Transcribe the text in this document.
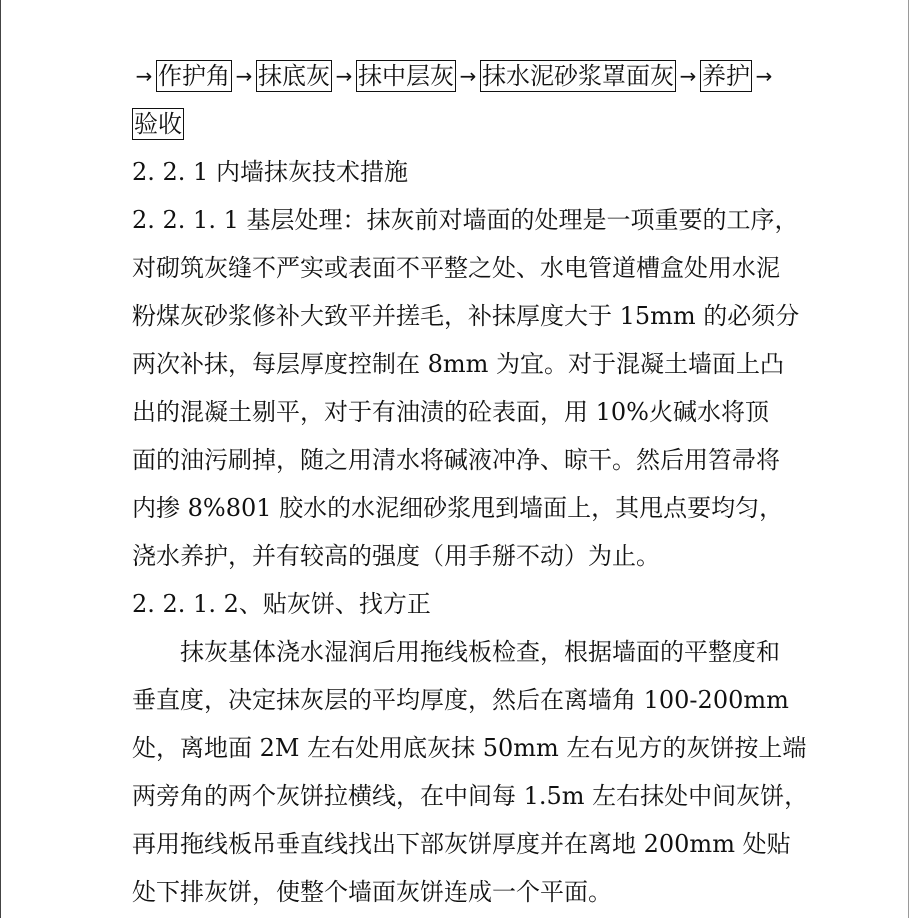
→ 作护角 → 抹底灰 → 抹中层灰 → 抹水泥砂浆罩面灰 → 养护 →
验收
2. 2. 1 内墙抹灰技术措施
2. 2. 1. 1 基层处理：抹灰前对墙面的处理是一项重要的工序，
对砌筑灰缝不严实或表面不平整之处、水电管道槽盒处用水泥
粉煤灰砂浆修补大致平并搓毛，补抹厚度大于 15mm 的必须分
两次补抹，每层厚度控制在 8mm 为宜。对于混凝土墙面上凸
出的混凝土剔平，对于有油渍的砼表面，用 10%火碱水将顶
面的油污刷掉，随之用清水将碱液冲净、晾干。然后用笤帚将
内掺 8%801 胶水的水泥细砂浆甩到墙面上，其甩点要均匀，
浇水养护，并有较高的强度（用手掰不动）为止。
2. 2. 1. 2、贴灰饼、找方正
抹灰基体浇水湿润后用拖线板检查，根据墙面的平整度和
垂直度，决定抹灰层的平均厚度，然后在离墙角 100-200mm
处，离地面 2M 左右处用底灰抹 50mm 左右见方的灰饼按上端
两旁角的两个灰饼拉横线，在中间每 1.5m 左右抹处中间灰饼，
再用拖线板吊垂直线找出下部灰饼厚度并在离地 200mm 处贴
处下排灰饼，使整个墙面灰饼连成一个平面。
